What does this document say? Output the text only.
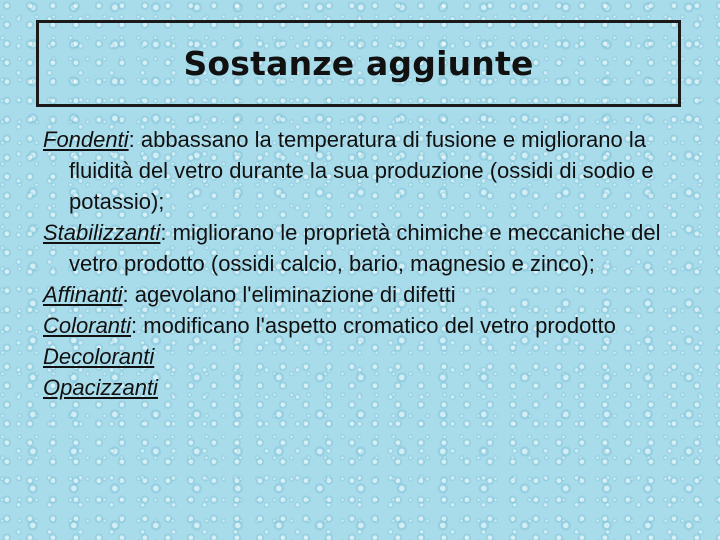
Sostanze aggiunte

Fondenti: abbassano la temperatura di fusione e migliorano la fluidità del vetro durante la sua produzione (ossidi di sodio e potassio);

Stabilizzanti: migliorano le proprietà chimiche e meccaniche del vetro prodotto (ossidi calcio, bario, magnesio e zinco);

Affinanti: agevolano l'eliminazione di difetti

Coloranti: modificano l'aspetto cromatico del vetro prodotto

Decoloranti

Opacizzanti
